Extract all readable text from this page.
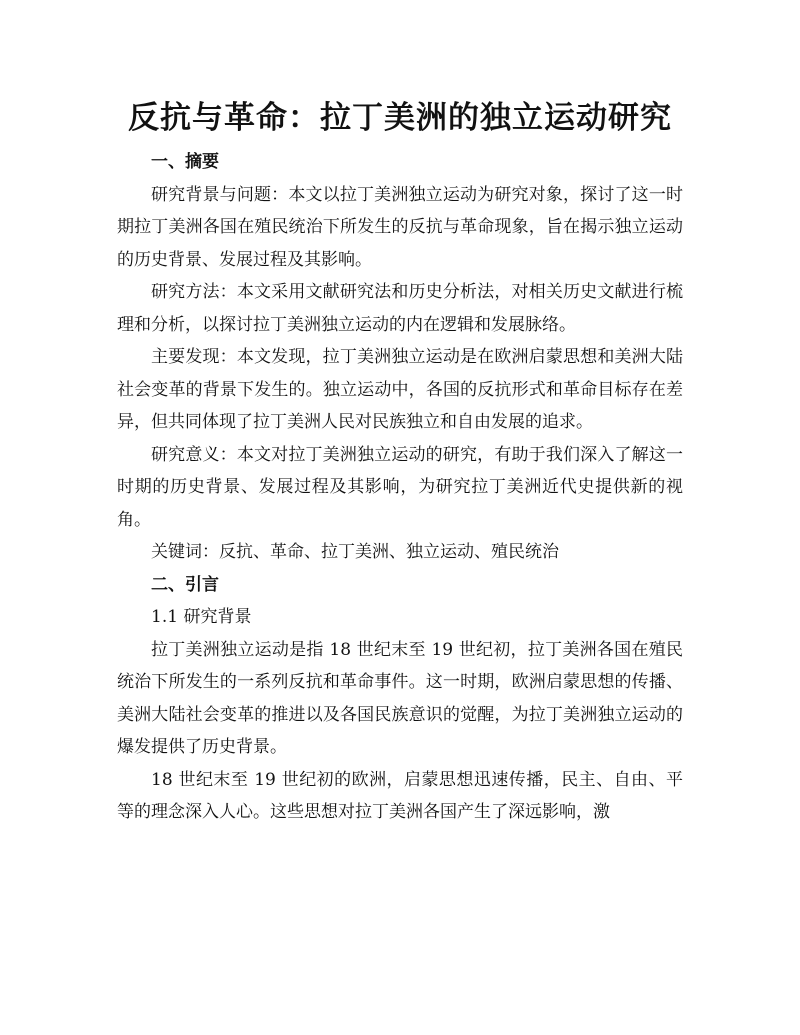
反抗与革命：拉丁美洲的独立运动研究

一、摘要

研究背景与问题：本文以拉丁美洲独立运动为研究对象，探讨了这一时期拉丁美洲各国在殖民统治下所发生的反抗与革命现象，旨在揭示独立运动的历史背景、发展过程及其影响。

研究方法：本文采用文献研究法和历史分析法，对相关历史文献进行梳理和分析，以探讨拉丁美洲独立运动的内在逻辑和发展脉络。

主要发现：本文发现，拉丁美洲独立运动是在欧洲启蒙思想和美洲大陆社会变革的背景下发生的。独立运动中，各国的反抗形式和革命目标存在差异，但共同体现了拉丁美洲人民对民族独立和自由发展的追求。

研究意义：本文对拉丁美洲独立运动的研究，有助于我们深入了解这一时期的历史背景、发展过程及其影响，为研究拉丁美洲近代史提供新的视角。

关键词：反抗、革命、拉丁美洲、独立运动、殖民统治

二、引言

1.1 研究背景

拉丁美洲独立运动是指 18 世纪末至 19 世纪初，拉丁美洲各国在殖民统治下所发生的一系列反抗和革命事件。这一时期，欧洲启蒙思想的传播、美洲大陆社会变革的推进以及各国民族意识的觉醒，为拉丁美洲独立运动的爆发提供了历史背景。

18 世纪末至 19 世纪初的欧洲，启蒙思想迅速传播，民主、自由、平等的理念深入人心。这些思想对拉丁美洲各国产生了深远影响，激
